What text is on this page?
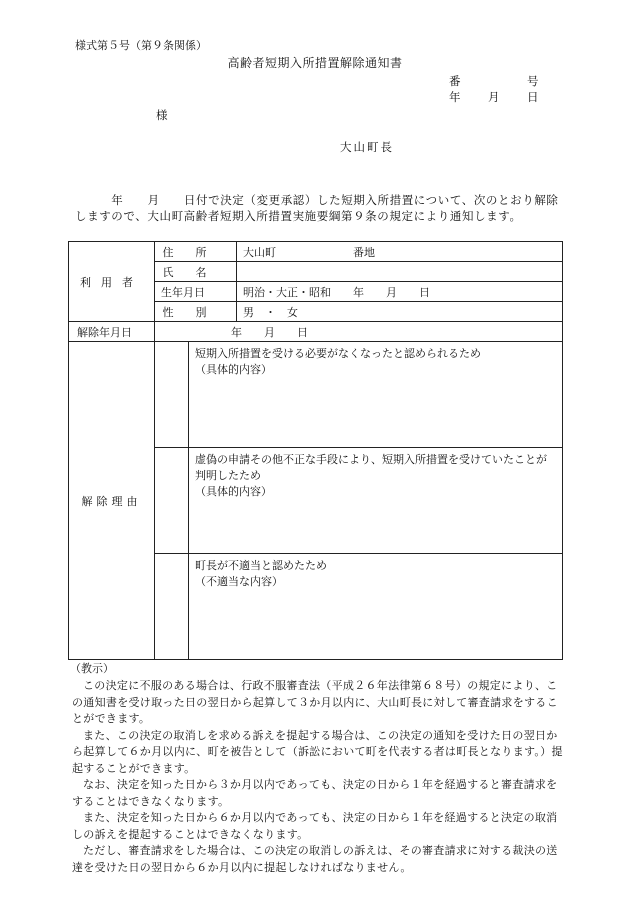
様式第５号（第９条関係）
高齢者短期入所措置解除通知書
番	号
年 月 日
様
大山町長
　　　年　　月　　日付で決定（変更承認）した短期入所措置について、次のとおり解除しますので、大山町高齢者短期入所措置実施要綱第９条の規定により通知します。
利用者	住所		大山町　　　　　　　番地
	氏名		
	生年月日		明治・大正・昭和　　年　　月　　日
	性別		男　・　女
解除年月日	年　　月　　日		
解除理由		短期入所措置を受ける必要がなくなったと認められるため
（具体的内容）	

		虚偽の申請その他不正な手段により、短期入所措置を受けていたことが判明したため
（具体的内容）	

		町長が不適当と認めたため
（不適当な内容）	
（教示）

この決定に不服のある場合は、行政不服審査法（平成２６年法律第６８号）の規定により、この通知書を受け取った日の翌日から起算して３か月以内に、大山町長に対して審査請求をすることができます。

また、この決定の取消しを求める訴えを提起する場合は、この決定の通知を受けた日の翌日から起算して６か月以内に、町を被告として（訴訟において町を代表する者は町長となります。）提起することができます。

なお、決定を知った日から３か月以内であっても、決定の日から１年を経過すると審査請求をすることはできなくなります。

また、決定を知った日から６か月以内であっても、決定の日から１年を経過すると決定の取消しの訴えを提起することはできなくなります。

ただし、審査請求をした場合は、この決定の取消しの訴えは、その審査請求に対する裁決の送達を受けた日の翌日から６か月以内に提起しなければなりません。
